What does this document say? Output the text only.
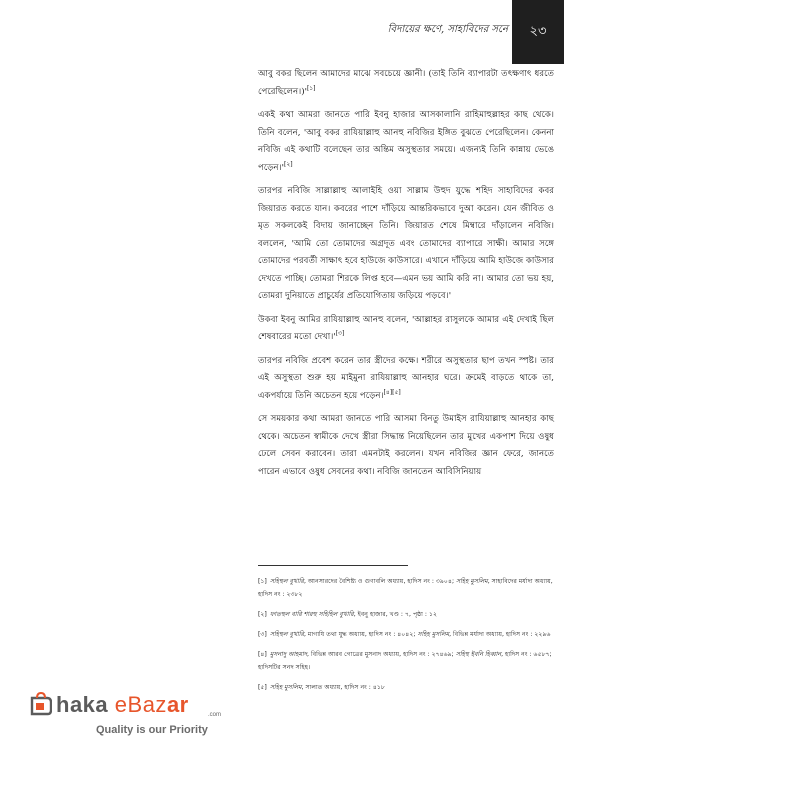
বিদায়ের ক্ষণে, সাহাবিদের সনে ২৩

আবু বকর ছিলেন আমাদের মাঝে সবচেয়ে জ্ঞানী। (তাই তিনি ব্যাপারটা তৎক্ষণাৎ ধরতে পেরেছিলেন।)'[১]

একই কথা আমরা জানতে পারি ইবনু হাজার আসকালানি রাহিমাহুল্লাহর কাছ থেকে। তিনি বলেন, 'আবু বকর রাযিয়াল্লাহু আনহু নবিজির ইঙ্গিত বুঝতে পেরেছিলেন। কেননা নবিজি এই কথাটি বলেছেন তার অন্তিম অসুস্থতার সময়ে। এজন্যই তিনি কান্নায় ভেঙে পড়েন।'[২]

তারপর নবিজি সাল্লাল্লাহু আলাইহি ওয়া সাল্লাম উহুদ যুদ্ধে শহিদ সাহাবিদের কবর জিয়ারত করতে যান। কবরের পাশে দাঁড়িয়ে আন্তরিকভাবে দুআ করেন। যেন জীবিত ও মৃত সকলকেই বিদায় জানাচ্ছেন তিনি। জিয়ারত শেষে মিম্বারে দাঁড়ালেন নবিজি। বললেন, 'আমি তো তোমাদের অগ্রদূত এবং তোমাদের ব্যাপারে সাক্ষী। আমার সঙ্গে তোমাদের পরবর্তী সাক্ষাৎ হবে হাউজে কাউসারে। এখানে দাঁড়িয়ে আমি হাউজে কাউসার দেখতে পাচ্ছি। তোমরা শিরকে লিপ্ত হবে—এমন ভয় আমি করি না। আমার তো ভয় হয়, তোমরা দুনিয়াতে প্রাচুর্যের প্রতিযোগিতায় জড়িয়ে পড়বে।'

উকবা ইবনু আমির রাযিয়াল্লাহু আনহু বলেন, 'আল্লাহর রাসুলকে আমার এই দেখাই ছিল শেষবারের মতো দেখা।'[৩]

তারপর নবিজি প্রবেশ করেন তার স্ত্রীদের কক্ষে। শরীরে অসুস্থতার ছাপ তখন স্পষ্ট। তার এই অসুস্থতা শুরু হয় মাইমুনা রাযিয়াল্লাহু আনহার ঘরে। ক্রমেই বাড়তে থাকে তা, একপর্যায়ে তিনি অচেতন হয়ে পড়েন।[৪][৫]

সে সময়কার কথা আমরা জানতে পারি আসমা বিনতু উমাইস রাযিয়াল্লাহু আনহার কাছ থেকে। অচেতন স্বামীকে দেখে স্ত্রীরা সিদ্ধান্ত নিয়েছিলেন তার মুখের একপাশ দিয়ে ওষুধ ঢেলে সেবন করাবেন। তারা এমনটাই করলেন। যখন নবিজির জ্ঞান ফেরে, জানতে পারেন এভাবে ওষুধ সেবনের কথা। নবিজি জানতেন আবিসিনিয়ায়

[১] সহিহুল বুখারি, আনসারদের বৈশিষ্ট্য ও গুণাবলি অধ্যায়, হাদিস নং : ৩৯০৪; সহিহ মুসলিম, সাহাবিদের মর্যাদা অধ্যায়, হাদিস নং : ২৩৮২
[২] ফাতহুল বারি শারহু সহিহিল বুখারি, ইবনু হাজার, খণ্ড : ৭, পৃষ্ঠা : ১২
[৩] সহিহুল বুখারি, মাগাযি তথা যুদ্ধ অধ্যায়, হাদিস নং : ৪০৪২; সহিহ মুসলিম, বিভিন্ন মর্যাদা অধ্যায়, হাদিস নং : ২২৯৬
[৪] মুসনাদু আহমাদ, বিভিন্ন আরব গোত্রের মুসনাদ অধ্যায়, হাদিস নং : ২৭৪৬৯; সহিহু ইবনি হিব্বান, হাদিস নং : ৬৫৮৭; হাদিসটির সনদ সহিহ।
[৫] সহিহ মুসলিম, সালাত অধ্যায়, হাদিস নং : ৪১৮
haka eBazar	.com
Quality is our Priority
